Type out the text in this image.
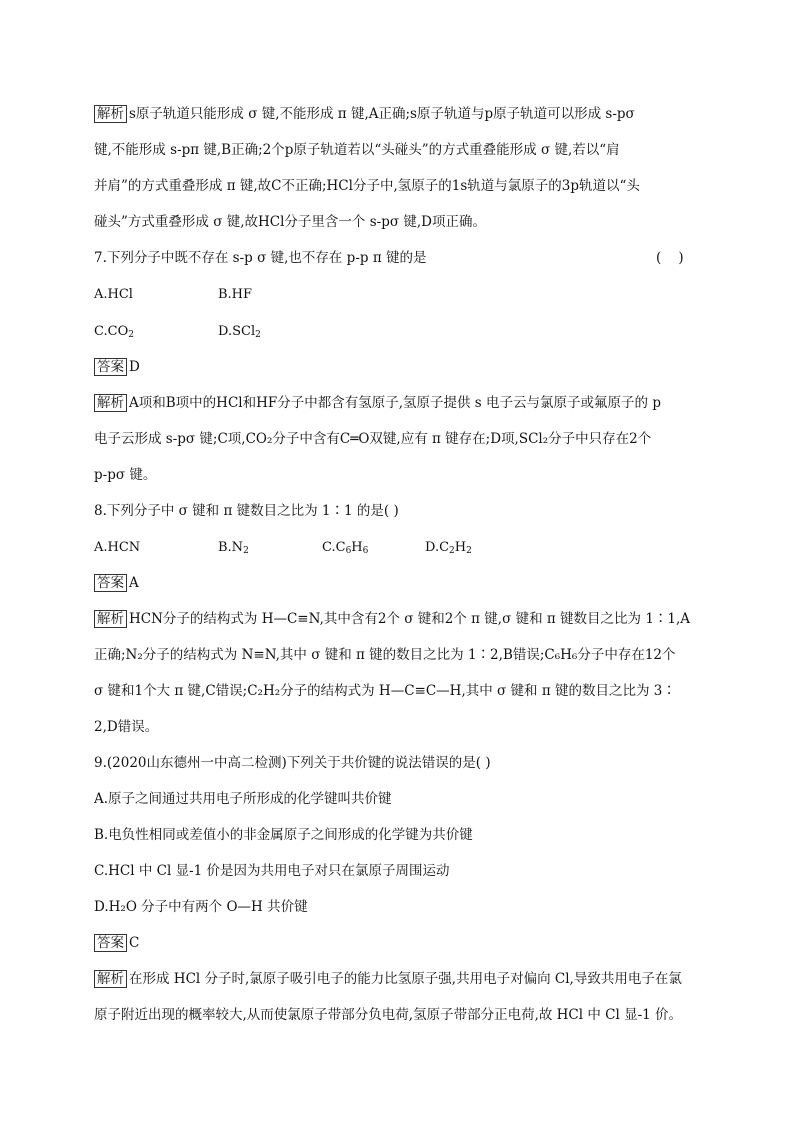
解析 s原子轨道只能形成 σ 键,不能形成 π 键,A正确;s原子轨道与p原子轨道可以形成 s-pσ
键,不能形成 s-pπ 键,B正确;2个p原子轨道若以“头碰头”的方式重叠能形成 σ 键,若以“肩
并肩”的方式重叠形成 π 键,故C不正确;HCl分子中,氢原子的1s轨道与氯原子的3p轨道以“头
碰头”方式重叠形成 σ 键,故HCl分子里含一个 s-pσ 键,D项正确。
7.下列分子中既不存在 s-p σ 键,也不存在 p-p π 键的是	(    )
A.HCl	B.HF
$C.CO_2$	D.SCl$_2$
答案 D
解析 A项和B项中的HCl和HF分子中都含有氢原子,氢原子提供 s 电子云与氯原子或氟原子的 p
电子云形成 s-pσ 键;C项,CO₂分子中含有C═O双键,应有 π 键存在;D项,SCl₂分子中只存在2个
p-pσ 键。
8.下列分子中 σ 键和 π 键数目之比为 1∶1 的是( )
A.HCN	$B.N_2$	$C.C_6H_6$	$D.C_2H_2$
答案 A
解析 HCN分子的结构式为 H—C≡N,其中含有2个 σ 键和2个 π 键,σ 键和 π 键数目之比为 1∶1,A
正确;N₂分子的结构式为 N≡N,其中 σ 键和 π 键的数目之比为 1∶2,B错误;C₆H₆分子中存在12个
σ 键和1个大 π 键,C错误;C₂H₂分子的结构式为 H—C≡C—H,其中 σ 键和 π 键的数目之比为 3∶
2,D错误。
9.(2020山东德州一中高二检测)下列关于共价键的说法错误的是( )
A.原子之间通过共用电子所形成的化学键叫共价键
B.电负性相同或差值小的非金属原子之间形成的化学键为共价键
C.HCl 中 Cl 显-1 价是因为共用电子对只在氯原子周围运动
D.H₂O 分子中有两个 O—H 共价键
答案 C
解析 在形成 HCl 分子时,氯原子吸引电子的能力比氢原子强,共用电子对偏向 Cl,导致共用电子在氯
原子附近出现的概率较大,从而使氯原子带部分负电荷,氢原子带部分正电荷,故 HCl 中 Cl 显-1 价。
